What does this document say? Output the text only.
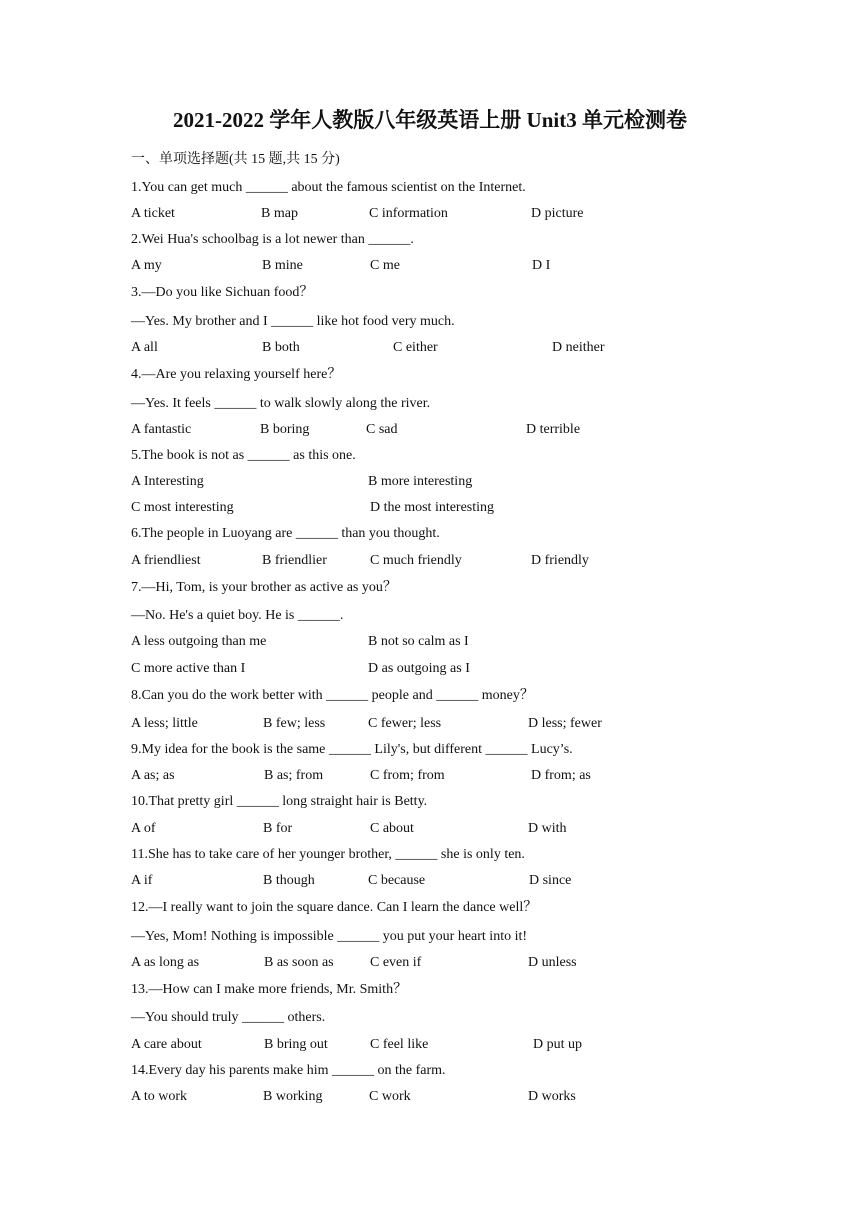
2021-2022 学年人教版八年级英语上册 Unit3 单元检测卷
一、单项选择题(共 15 题,共 15 分)
1.You can get much ______ about the famous scientist on the Internet.
A ticket	B map	C information	D picture
2.Wei Hua's schoolbag is a lot newer than ______.
A my	B mine	C me	D I
3.—Do you like Sichuan food？
—Yes. My brother and I ______ like hot food very much.
A all	B both	C either	D neither
4.—Are you relaxing yourself here？
—Yes. It feels ______ to walk slowly along the river.
A fantastic	B boring	C sad	D terrible
5.The book is not as ______ as this one.
A Interesting	B more interesting
C most interesting	D the most interesting
6.The people in Luoyang are ______ than you thought.
A friendliest	B friendlier	C much friendly	D friendly
7.—Hi, Tom, is your brother as active as you？
—No. He's a quiet boy. He is ______.
A less outgoing than me	B not so calm as I
C more active than I	D as outgoing as I
8.Can you do the work better with ______ people and ______ money？
A less; little	B few; less	C fewer; less	D less; fewer
9.My idea for the book is the same ______ Lily's, but different ______ Lucy’s.
A as; as	B as; from	C from; from	D from; as
10.That pretty girl ______ long straight hair is Betty.
A of	B for	C about	D with
11.She has to take care of her younger brother, ______ she is only ten.
A if	B though	C because	D since
12.—I really want to join the square dance. Can I learn the dance well？
—Yes, Mom! Nothing is impossible ______ you put your heart into it!
A as long as	B as soon as	C even if	D unless
13.—How can I make more friends, Mr. Smith？
—You should truly ______ others.
A care about	B bring out	C feel like	D put up
14.Every day his parents make him ______ on the farm.
A to work	B working	C work	D works
